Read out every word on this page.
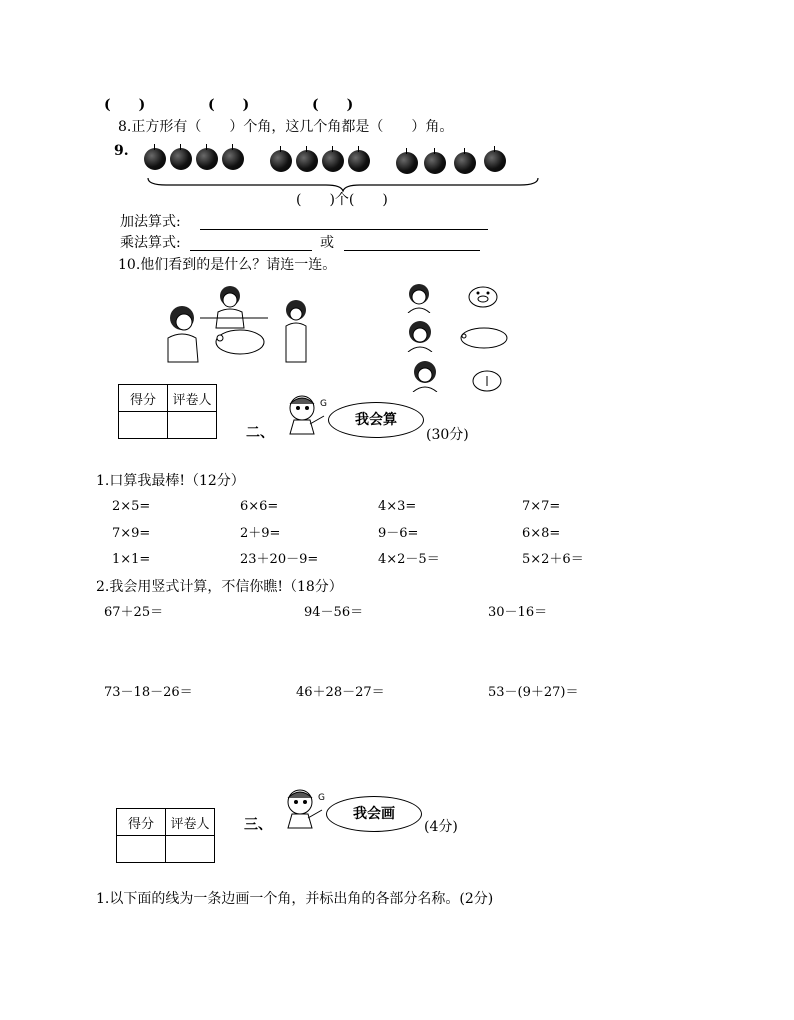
(　　)	(　　)	(　　)
8.正方形有（　　）个角，这几个角都是（　　）角。
9.
(　　)个(　　)
加法算式:
乘法算式:	或
10.他们看到的是什么？请连一连。
得分	评卷人

二、
G
我会算
(30分)
1.口算我最棒!（12分）
2×5=	6×6=	4×3=	7×7=
7×9=	2＋9=	9－6=	6×8=
1×1=	23＋20－9=	4×2－5＝	5×2＋6＝
2.我会用竖式计算，不信你瞧!（18分）
67＋25＝	94－56＝	30－16＝
73－18－26＝	46＋28－27＝	53－(9＋27)＝
得分	评卷人
	三、
G
我会画
(4分)
1.以下面的线为一条边画一个角，并标出角的各部分名称。(2分)
